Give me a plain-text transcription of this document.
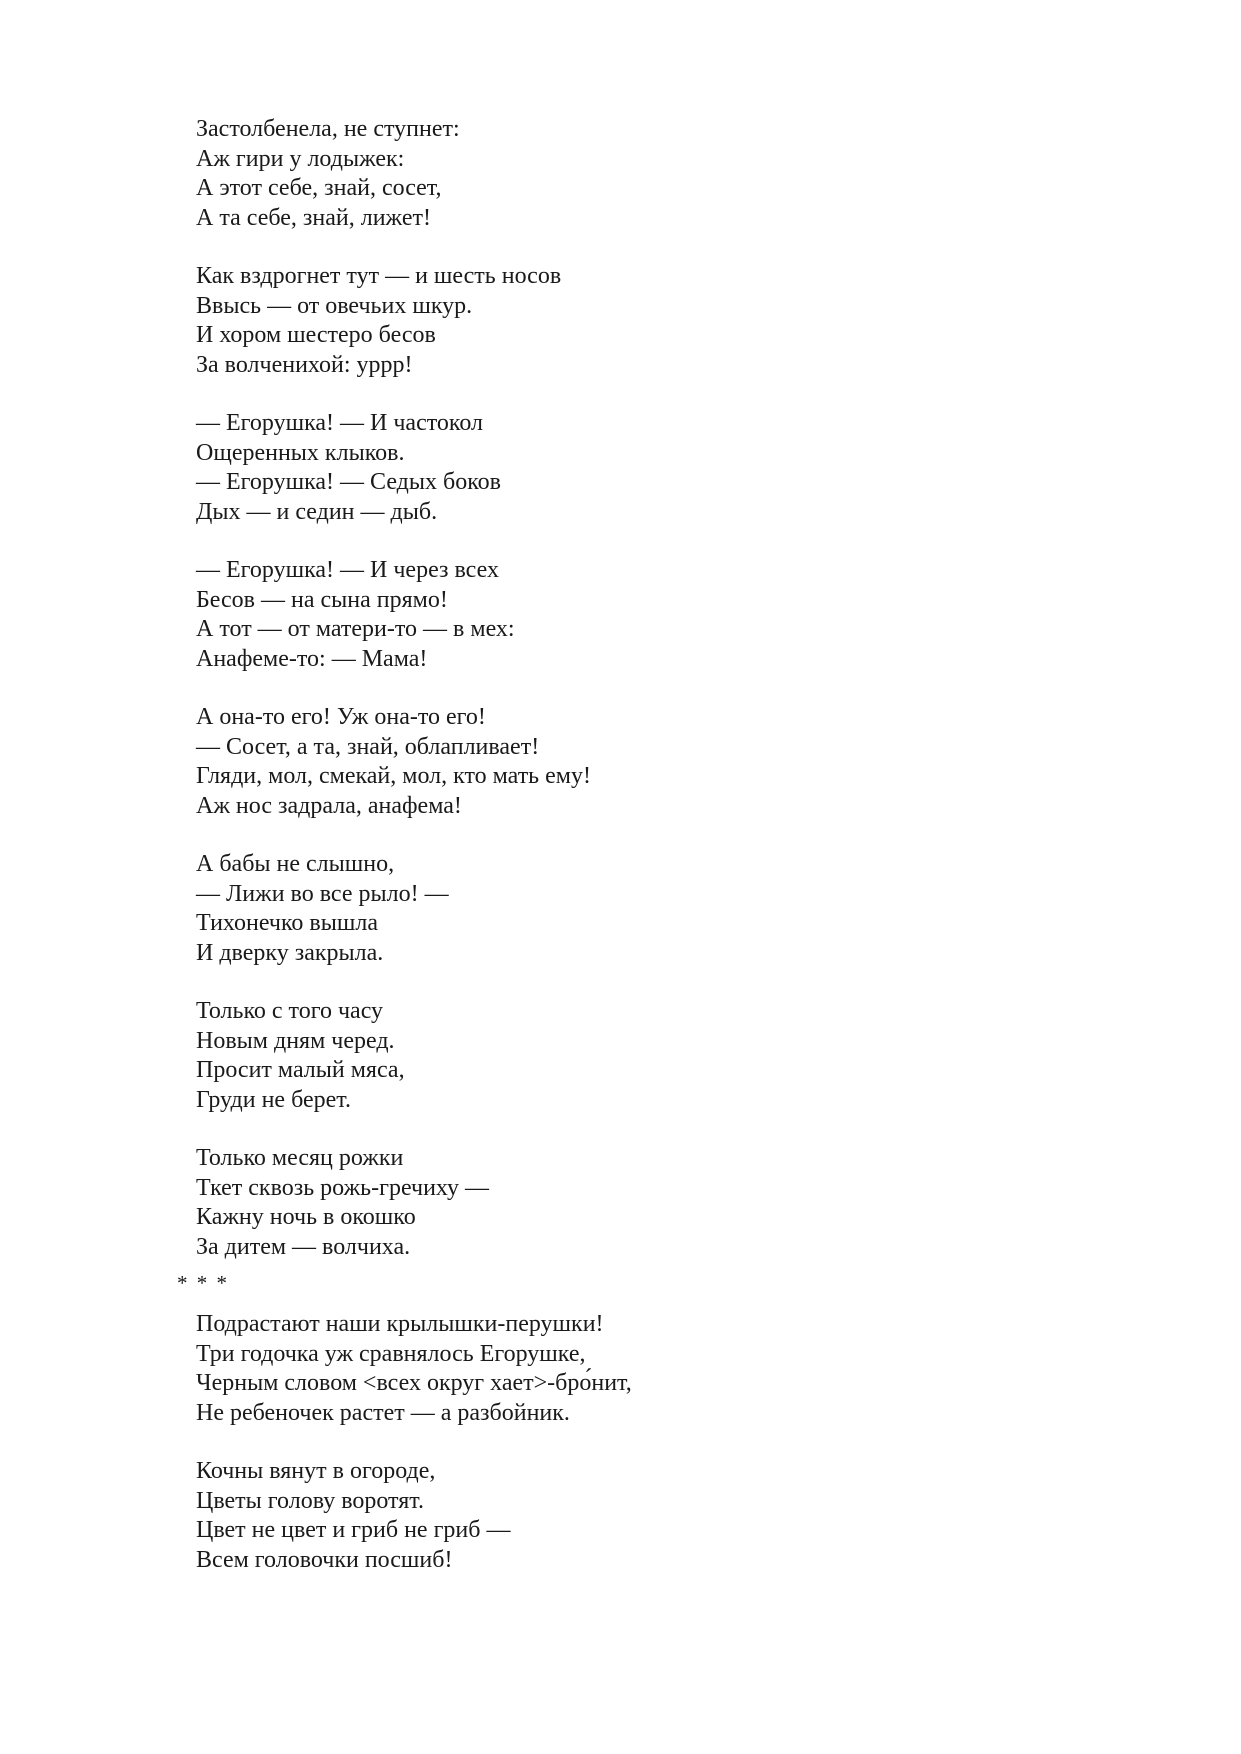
Застолбенела, не ступнет:
Аж гири у лодыжек:
А этот себе, знай, сосет,
А та себе, знай, лижет!
Как вздрогнет тут — и шесть носов
Ввысь — от овечьих шкур.
И хором шестеро бесов
За волченихой: уррр!
— Егорушка! — И частокол
Ощеренных клыков.
— Егорушка! — Седых боков
Дых — и седин — дыб.
— Егорушка! — И через всех
Бесов — на сына прямо!
А тот — от матери-то — в мех:
Анафеме-то: — Мама!
А она-то его! Уж она-то его!
— Сосет, а та, знай, облапливает!
Гляди, мол, смекай, мол, кто мать ему!
Аж нос задрала, анафема!
А бабы не слышно,
— Лижи во все рыло! —
Тихонечко вышла
И дверку закрыла.
Только с того часу
Новым дням черед.
Просит малый мяса,
Груди не берет.
Только месяц рожки
Ткет сквозь рожь-гречиху —
Кажну ночь в окошко
За дитем — волчиха.
* * *
Подрастают наши крылышки-перушки!
Три годочка уж сравнялось Егорушке,
Черным словом <всех округ хает>-бро́нит,
Не ребеночек растет — а разбойник.
Кочны вянут в огороде,
Цветы голову воротят.
Цвет не цвет и гриб не гриб —
Всем головочки посшиб!
